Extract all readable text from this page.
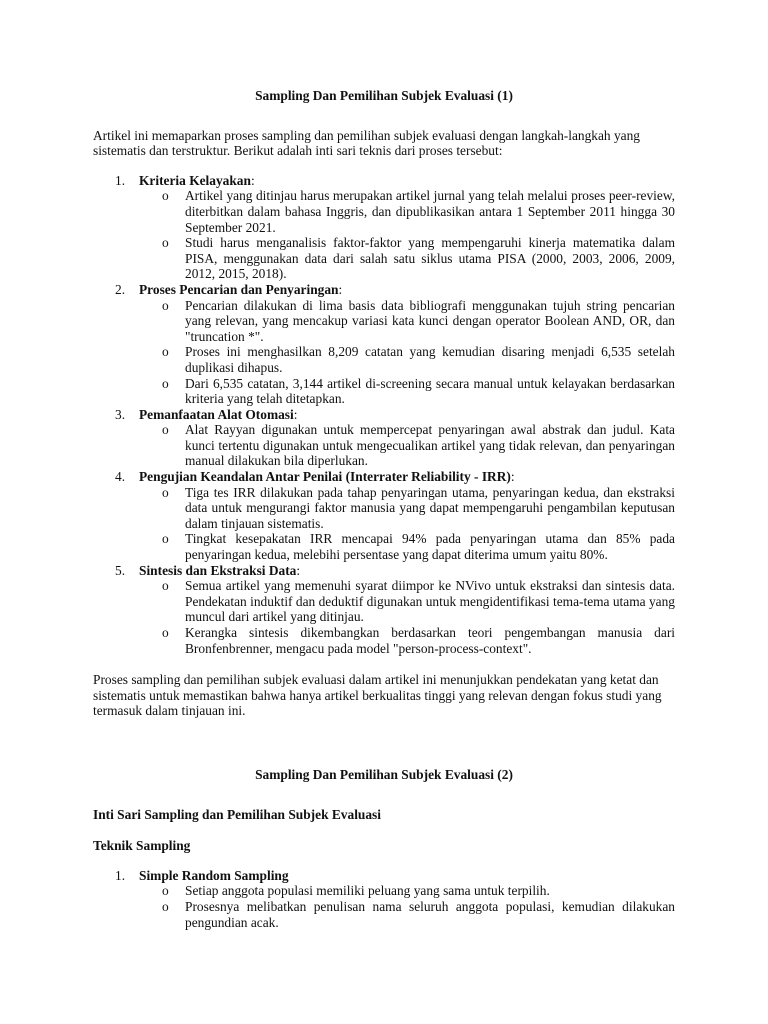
Sampling Dan Pemilihan Subjek Evaluasi (1)

Artikel ini memaparkan proses sampling dan pemilihan subjek evaluasi dengan langkah-langkah yang sistematis dan terstruktur. Berikut adalah inti sari teknis dari proses tersebut:

1. Kriteria Kelayakan:
o Artikel yang ditinjau harus merupakan artikel jurnal yang telah melalui proses peer-review, diterbitkan dalam bahasa Inggris, dan dipublikasikan antara 1 September 2011 hingga 30 September 2021.
o Studi harus menganalisis faktor-faktor yang mempengaruhi kinerja matematika dalam PISA, menggunakan data dari salah satu siklus utama PISA (2000, 2003, 2006, 2009, 2012, 2015, 2018).
2. Proses Pencarian dan Penyaringan:
o Pencarian dilakukan di lima basis data bibliografi menggunakan tujuh string pencarian yang relevan, yang mencakup variasi kata kunci dengan operator Boolean AND, OR, dan "truncation *".
o Proses ini menghasilkan 8,209 catatan yang kemudian disaring menjadi 6,535 setelah duplikasi dihapus.
o Dari 6,535 catatan, 3,144 artikel di-screening secara manual untuk kelayakan berdasarkan kriteria yang telah ditetapkan.
3. Pemanfaatan Alat Otomasi:
o Alat Rayyan digunakan untuk mempercepat penyaringan awal abstrak dan judul. Kata kunci tertentu digunakan untuk mengecualikan artikel yang tidak relevan, dan penyaringan manual dilakukan bila diperlukan.
4. Pengujian Keandalan Antar Penilai (Interrater Reliability - IRR):
o Tiga tes IRR dilakukan pada tahap penyaringan utama, penyaringan kedua, dan ekstraksi data untuk mengurangi faktor manusia yang dapat mempengaruhi pengambilan keputusan dalam tinjauan sistematis.
o Tingkat kesepakatan IRR mencapai 94% pada penyaringan utama dan 85% pada penyaringan kedua, melebihi persentase yang dapat diterima umum yaitu 80%.
5. Sintesis dan Ekstraksi Data:
o Semua artikel yang memenuhi syarat diimpor ke NVivo untuk ekstraksi dan sintesis data. Pendekatan induktif dan deduktif digunakan untuk mengidentifikasi tema-tema utama yang muncul dari artikel yang ditinjau.
o Kerangka sintesis dikembangkan berdasarkan teori pengembangan manusia dari Bronfenbrenner, mengacu pada model "person-process-context".

Proses sampling dan pemilihan subjek evaluasi dalam artikel ini menunjukkan pendekatan yang ketat dan sistematis untuk memastikan bahwa hanya artikel berkualitas tinggi yang relevan dengan fokus studi yang termasuk dalam tinjauan ini.

Sampling Dan Pemilihan Subjek Evaluasi (2)

Inti Sari Sampling dan Pemilihan Subjek Evaluasi

Teknik Sampling

1. Simple Random Sampling
o Setiap anggota populasi memiliki peluang yang sama untuk terpilih.
o Prosesnya melibatkan penulisan nama seluruh anggota populasi, kemudian dilakukan pengundian acak.
